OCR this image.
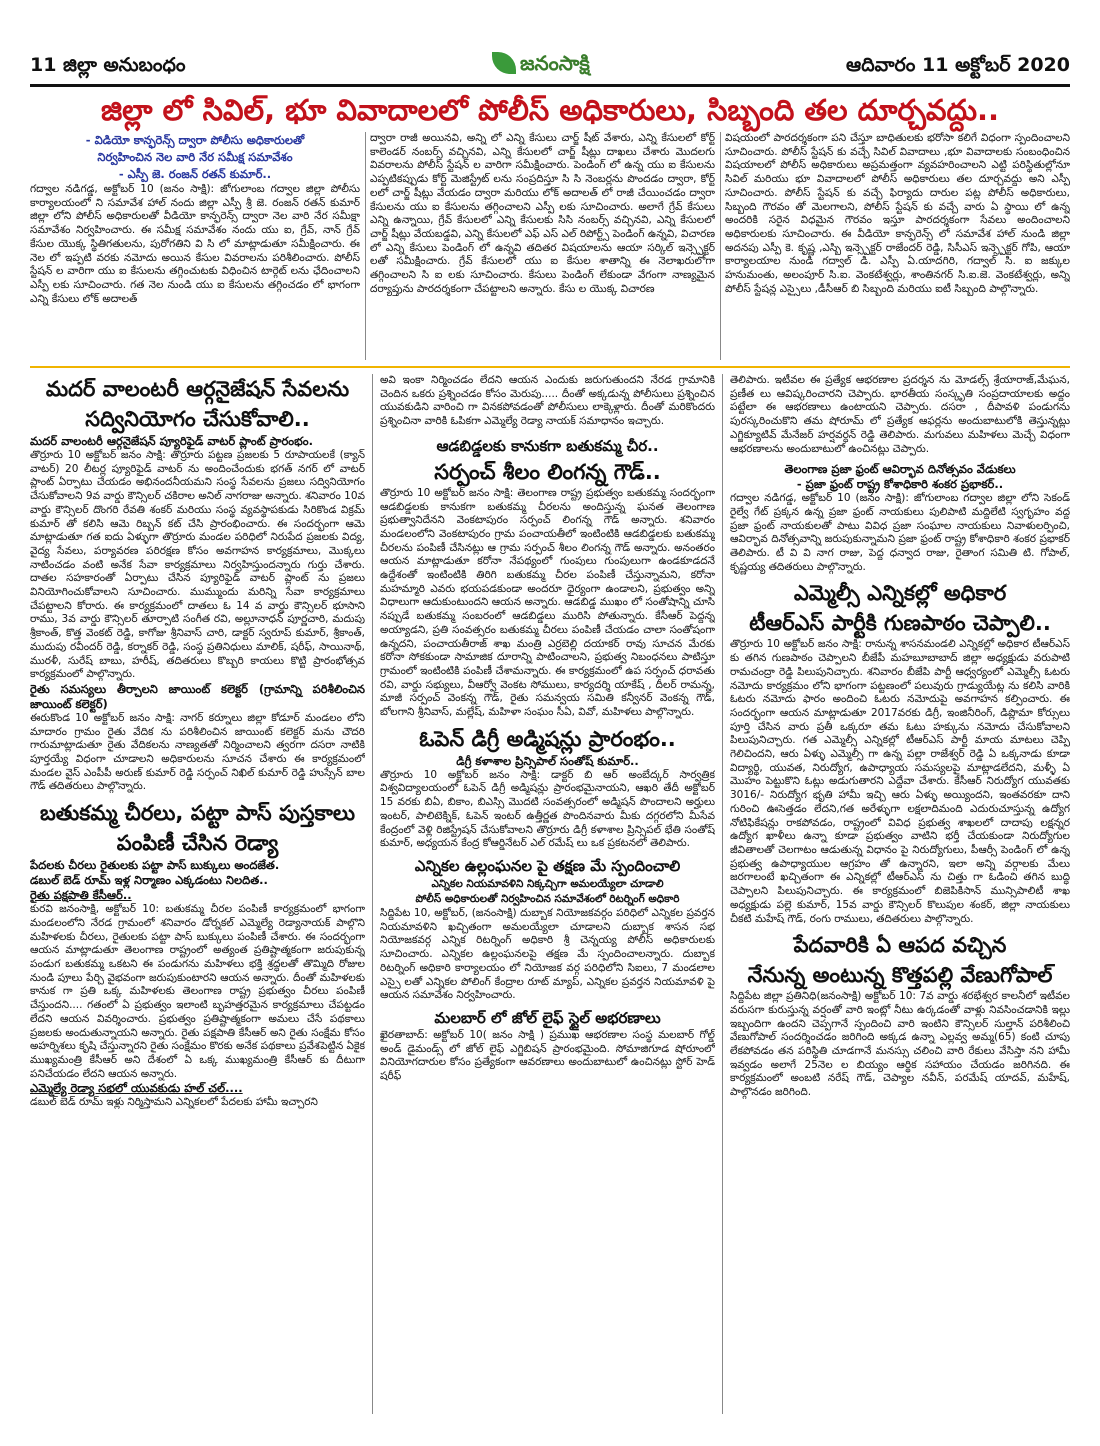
11 జిల్లా అనుబంధం	జనంసాక్షి	ఆదివారం 11 అక్టోబర్ 2020
జిల్లా లో సివిల్, భూ వివాదాలలో పోలీస్ అధికారులు, సిబ్బంది తల దూర్చవద్దు..
- విడియో కాన్ఫరెన్స్ ద్వారా పోలీసు అధికారులతో
నిర్వహించిన నెల వారి నేర సమీక్ష సమావేశం
- ఎస్పీ జె. రంజన్ రతన్ కుమార్..
గద్వాల నడిగడ్డ, అక్టోబర్ 10 (జనం సాక్షి): జోగులాంబ గద్వాల జిల్లా పోలీసు కార్యాలయంలో ని సమావేశ హాల్ నందు జిల్లా ఎస్పీ శ్రీ జె. రంజన్ రతన్ కుమార్ జిల్లా లోని పోలీస్ అధికారులతో వీడియో కాన్ఫరెన్స్ ద్వారా నెల వారి నేర సమీక్షా సమావేశం నిర్వహించారు. ఈ సమీక్ష సమావేశం నందు యు ఐ, గ్రేవ్, నాన్ గ్రేవ్ కేసుల యొక్క స్థితిగతులను, పురోగతిని వి సి లో మాట్లాడుతూ సమీక్షించారు. ఈ నెల లో ఇప్పటి వరకు నమోదు అయిన కేసుల వివరాలను పరిశీలించారు. పోలీస్ స్టేషన్ ల వారిగా యు ఐ కేసులను తగ్గించుటకు విధించిన టార్గెట్ లను ఛేదించాలని ఎస్పీ లకు సూచించారు. గత నెల నుండి యు ఐ కేసులను తగ్గించడం లో భాగంగా ఎన్ని కేసులు లోక్ అదాలత్
ద్వారా రాజీ అయినవి, అన్ని లో ఎన్ని కేసులు చార్జ్ షీట్ వేశారు, ఎన్ని కేసులలో కోర్ట్ కాలెండర్ నంబర్స్ వచ్చినవి, ఎన్ని కేసులలో చార్జ్ షీట్లు దాఖలు చేశారు మొదలగు వివరాలను పోలీస్ స్టేషన్ ల వారిగా సమీక్షించారు. పెండింగ్ లో ఉన్న యు ఐ కేసులను ఎప్పటికప్పుడు కోర్ట్ మెజిస్ట్రేట్ లను సంప్రదిస్తూ సి సి నెంబర్లను పొందడం ద్వారా, కోర్ట్ లలో చార్జ్ షీట్లు వేయడం ద్వారా మరియు లోక్ అదాలత్ లో రాజీ చేయించడం ద్వారా కేసులను యు ఐ కేసులను తగ్గించాలని ఎస్పీ లకు సూచించారు. అలాగే గ్రేవ్ కేసులు ఎన్ని ఉన్నాయి, గ్రేవ్ కేసులలో ఎన్ని కేసులకు సిసి నంబర్స్ వచ్చినవి, ఎన్ని కేసులలో చార్జ్ షీట్లు వేయబడ్డవి, ఎన్ని కేసులలో ఎఫ్ ఎస్ ఎల్ రిపోర్ట్స్ పెండింగ్ ఉన్నవి, విచారణ లో ఎన్ని కేసులు పెండింగ్ లో ఉన్నవి తదితర విషయాలను ఆయా సర్కిల్ ఇన్స్పెక్టర్ లతో సమీక్షించారు. గ్రేవ్ కేసులలో యు ఐ కేసుల శాతాన్ని ఈ నెలాఖరులోగా తగ్గించాలని సి ఐ లకు సూచించారు. కేసులు పెండింగ్ లేకుండా వేగంగా నాణ్యమైన దర్యాప్తును పారదర్శకంగా చేపట్టాలని అన్నారు. కేసు ల యొక్క విచారణ
విషయంలో పారదర్శకంగా పని చేస్తూ బాధితులకు భరోసా కలిగే విధంగా స్పందించాలని సూచించారు. పోలీస్ స్టేషన్ కు వచ్చే సివిల్ వివాదాలు ,భూ వివాదాలకు సంబంధించిన విషయాలలో పోలీస్ అధికారులు అప్రమత్తంగా వ్యవహరించాలని ఎట్టి పరిస్థితుల్లోనూ సివిల్ మరియు భూ వివాదాలలో పోలీస్ అధికారులు తల దూర్చవద్దు అని ఎస్పీ సూచించారు. పోలీస్ స్టేషన్ కు వచ్చే ఫిర్యాదు దారుల పట్ల పోలీస్ అధికారులు, సిబ్బంది గౌరవం తో మెలగాలని, పోలీస్ స్టేషన్ కు వచ్చే వారు ఏ స్థాయి లో ఉన్న అందరికి సరైన విధమైన గౌరవం ఇస్తూ పారదర్శకంగా సేవలు అందించాలని అధికారులకు సూచించారు. ఈ వీడియో కాన్ఫరెన్స్ లో సమావేశ హాల్ నుండి జిల్లా అదనపు ఎస్పీ కె. కృష్ణ ,ఎస్బి ఇన్స్పెక్టర్ రాజేందర్ రెడ్డి, సిసీఎస్ ఇన్స్పెక్టర్ గోపి, ఆయా కార్యాలయాల నుండి గద్వాల్ డి. ఎస్పీ ఏ.యాదగిరి, గద్వాల్ సి. ఐ జక్కుల హనుమంతు, అలంపూర్ సి.ఐ. వెంకటేశ్వర్లు, శాంతినగర్ సి.ఐ.జె. వెంకటేశ్వర్లు, అన్ని పోలీస్ స్టేషన్ల ఎస్సైలు ,డీసీఆర్ బి సిబ్బంది మరియు ఐటీ సిబ్బంది పాల్గొన్నారు.
మదర్ వాలంటరీ ఆర్గనైజేషన్ సేవలను
సద్వినియోగం చేసుకోవాలి..
మదర్ వాలంటరీ ఆర్గనైజేషన్ ప్యూరిఫైడ్ వాటర్ ప్లాంట్ ప్రారంభం.
తొర్రూరు 10 అక్టోబర్ జనం సాక్షి: తొర్రూరు పట్టణ ప్రజలకు 5 రూపాయలకే (క్యాన్ వాటర్) 20 లీటర్ల ప్యూరిఫైడ్ వాటర్ ను అందించేందుకు భగత్ నగర్ లో వాటర్ ప్లాంట్ ఏర్పాటు చేయడం అభినందనీయమని సంస్థ సేవలను ప్రజలు సద్వినియోగం చేసుకోవాలని 9వ వార్డు కౌన్సిలర్ చకిరాల అనిల్ నాగరాజు అన్నారు. శనివారం 10వ వార్డు కౌన్సిలర్ దొంగరి రేవతి శంకర్ మరియు సంస్థ వ్యవస్థాపకుడు సిరికొండ విక్రమ్ కుమార్ తో కలిసి ఆమె రిబ్బన్ కట్ చేసి ప్రారంభించారు. ఈ సందర్భంగా ఆమె మాట్లాడుతూ గత ఐదు ఏళ్ళుగా తొర్రూరు మండల పరిధిలో నిరుపేద ప్రజలకు విద్య, వైద్య సేవలు, పర్యావరణ పరిరక్షణ కోసం అవగాహన కార్యక్రమాలు, మొక్కలు నాటించడం వంటి అనేక సేవా కార్యక్రమాలు నిర్వహిస్తుందన్నారు గుర్తు చేశారు. దాతల సహకారంతో ఏర్పాటు చేసిన ప్యూరిఫైడ్ వాటర్ ప్లాంట్ ను ప్రజలు వినియోగించుకోవాలని సూచించారు. ముమ్ముందు మరిన్ని సేవా కార్యక్రమాలు చేపట్టాలని కోరారు. ఈ కార్యక్రమంలో దాతలు ఓ 14 వ వార్డు కౌన్సిలర్ భూసాని రాము, 3వ వార్డు కౌన్సిలర్ తూర్పాటి సంగీత రవి, అల్లూనాధన్ పూర్ణచారి, మదుపు శ్రీకాంత్, కొత్త వెంకట్ రెడ్డి, కాగోజు శ్రీనివాస్ చారి, డాక్టర్ స్వరూప్ కుమార్, శ్రీకాంత్, ముదుపు రవీందర్ రెడ్డి, కర్నాకర్ రెడ్డి, సంస్థ ప్రతినిధులు మాలిక్, షరీఫ్, సాయినాథ్, మురళీ, సురేష్ బాబు, హరీష్, తదితరులు కొబ్బరి కాయలు కొట్టి ప్రారంభోత్సవ కార్యక్రమంలో పాల్గొన్నారు.
రైతు సమస్యలు తీర్చాలని జాయింట్ కలెక్టర్ (గ్రామాన్ని పరిశీలించిన జాయింట్ కలెక్టర్)
ఈరుకొండ 10 అక్టోబర్ జనం సాక్షి: నాగర్ కర్నూలు జిల్లా కోడూర్ మండలం లోని మాదారం గ్రామం రైతు వేదిక ను పరిశీలించిన జాయింట్ కలెక్టర్ మను చౌదరి గారుమాట్లాడుతూ రైతు వేదికలను నాణ్యతతో నిర్మించాలని త్వరగా దసరా నాటికి పూర్తయ్యే విధంగా చూడాలని అధికారులను సూచన చేశారు ఈ కార్యక్రమంలో మండల వైస్ ఎంపీపీ అరుణ్ కుమార్ రెడ్డి సర్పంచ్ నిఖిల్ కుమార్ రెడ్డి హుస్సేన్ బాల గౌడ్ తదితరులు పాల్గొన్నారు.
బతుకమ్మ చీరలు, పట్టా పాస్ పుస్తకాలు
పంపిణీ చేసిన రెడ్యా
పేదలకు చీరలు రైతులకు పట్టా పాస్ బుక్కులు అందజేత.
డబుల్ బెడ్ రూమ్ ఇళ్ల నిర్మాణం ఎక్కడంటు నిలదిత..
రైతు పక్షపాతి కేసీఆర్..
కురవి జనంసాక్షి, అక్టోబర్ 10: బతుకమ్మ చీరల పంపిణీ కార్యక్రమంలో భాగంగా మండలంలోని నేరడ గ్రామంలో శనివారం డోర్నకల్ ఎమ్మెల్యే రెడ్యానాయక్ పాల్గొని మహిళలకు చీరలు, రైతులకు పట్టా పాస్ బుక్కులు పంపిణీ చేశారు. ఈ సందర్భంగా ఆయన మాట్లాడుతూ తెలంగాణ రాష్ట్రంలో అత్యంత ప్రతిష్టాత్మకంగా జరుపుకున్న పండుగ బతుకమ్మ ఒకటని ఈ పండుగను మహిళలు భక్తి శ్రద్ధలతో తొమ్మిది రోజుల నుండి పూలు పేర్చి వైభవంగా జరుపుకుంటారని ఆయన అన్నారు. దీంతో మహిళలకు కానుక గా ప్రతి ఒక్క మహిళలకు తెలంగాణ రాష్ట్ర ప్రభుత్వం చీరలు పంపిణీ చేస్తుందని.... గతంలో ఏ ప్రభుత్వం ఇలాంటి బృహత్తరమైన కార్యక్రమాలు చేపట్టడం లేదని ఆయన వివర్శించారు. ప్రభుత్వం ప్రతిష్టాత్మకంగా అమలు చేసే పథకాలు ప్రజలకు అందుతున్నాయని అన్నారు. రైతు పక్షపాతి కేసీఆర్ అని రైతు సంక్షేమ కోసం అహర్నిశలు కృషి చేస్తున్నారని రైతు సంక్షేమం కొరకు అనేక పథకాలు ప్రవేశపెట్టిన ఏకైక ముఖ్యమంత్రి కేసీఆర్ అని దేశంలో ఏ ఒక్క ముఖ్యమంత్రి కేసీఆర్ కు దీటుగా పనిచేయడం లేదని ఆయన అన్నారు.
ఎమ్మెల్యే రెడ్యా సభలో యువకుడు హల్ చల్....
డబుల్ బెడ్ రూమ్ ఇళ్లు నిర్మిస్తామని ఎన్నికలలో పేదలకు హామీ ఇచ్చారని
అవి ఇంకా నిర్మించడం లేదని ఆయన ఎందుకు జరుగుతుందని నేరడ గ్రామానికి చెందిన ఒకరు ప్రశ్నించడం కోసం మెరుపు..... దీంతో అక్కడున్న పోలీసులు ప్రశ్నించిన యువకుడిని వారించి గా వినకపోవడంతో పోలీసులు లాక్కెళ్లారు. దీంతో మరికొందరు ప్రశ్నించినా వారికి ఓపికగా ఎమ్మెల్యే రెడ్యా నాయక్ సమాధానం ఇచ్చారు.
ఆడబిడ్డలకు కానుకగా బతుకమ్మ చీర..
సర్పంచ్ శీలం లింగన్న గౌడ్..
తొర్రూరు 10 అక్టోబర్ జనం సాక్షి: తెలంగాణ రాష్ట్ర ప్రభుత్వం బతుకమ్మ సందర్భంగా ఆడబిడ్డలకు కానుకగా బతుకమ్మ చీరలను అందిస్తున్న ఘనత తెలంగాణ ప్రభుత్వానిదేనని వెంకటాపురం సర్పంచ్ లింగన్న గౌడ్ అన్నారు. శనివారం మండలంలోని వెంకటాపురం గ్రామ పంచాయతీలో ఇంటింటికి ఆడబిడ్డలకు బతుకమ్మ చీరలను పంపిణీ చేసినట్లు ఆ గ్రామ సర్పంచ్ శీలం లింగన్న గౌడ్ అన్నారు. అనంతరం ఆయన మాట్లాడుతూ కరోనా నేపథ్యంలో గుంపులు గుంపులుగా ఉండకూడదనే ఉద్దేశంతో ఇంటింటికి తిరిగి బతుకమ్మ చీరల పంపిణీ చేస్తున్నామని, కరోనా మహమ్మారి ఎవరు భయపడకుండా అందరూ ధైర్యంగా ఉండాలని, ప్రభుత్వం అన్ని విధాలుగా ఆదుకుంటుందని ఆయన అన్నారు. ఆడబిడ్డ ముఖం లో సంతోషాన్ని చూసి నప్పుడే బతుకమ్మ సంబరంలో ఆడబిడ్డలు మురిసి పోతున్నారు. కేసీఆర్ పెద్దన్న అయ్యాడని, ప్రతి సంవత్సరం బతుకమ్మ చీరలు పంపిణీ చేయడం చాలా సంతోషంగా ఉన్నదని, పంచాయతీరాజ్ శాఖ మంత్రి ఎర్రబెల్లి దయాకర్ రావు సూచన మేరకు కరోనా సోకకుండా సామాజిక దూరాన్ని పాటించాలని, ప్రభుత్వ నిబంధనలు పాటిస్తూ గ్రామంలో ఇంటింటికి పంపిణీ చేశామన్నారు. ఈ కార్యక్రమంలో ఉప సర్పంచ్ ధరావతు రవి, వార్డు సభ్యులు, వీఆర్వో వెంకట సోములు, కార్యదర్శి యాకేష్ , దీలర్ రామన్న, మాజీ సర్పంచ్ వెంకన్న గౌడ్, రైతు సమన్వయ సమితి కన్వీనర్ వెంకన్న గౌడ్, బోలగాని శ్రీనివాస్, మల్లేష్, మహిళా సంఘం సీఏ, వివో, మహిళలు పాల్గొన్నారు.
ఓపెన్ డిగ్రీ అడ్మిషన్లు ప్రారంభం..
డిగ్రీ కళాశాల ప్రిన్సిపాల్ సంతోష్ కుమార్..
తొర్రూరు 10 అక్టోబర్ జనం సాక్షి: డాక్టర్ బి ఆర్ అంబేద్కర్ సార్వత్రిక విశ్వవిద్యాలయంలో ఓపెన్ డిగ్రీ అడ్మిషన్లు ప్రారంభమైనాయని, ఆఖరి తేదీ అక్టోబర్ 15 వరకు బిఏ, బికాం, బిఎస్సి మొదటి సంవత్సరంలో అడ్మిషన్ పొందాలని అర్హులు ఇంటర్, పాలిటెక్నిక్, ఓపెన్ ఇంటర్ ఉత్తీర్ణత పొందినవారు మీకు దగ్గరలోని మీసేవ కేంద్రంలో వెళ్లి రిజిస్ట్రేషన్ చేసుకోవాలని తొర్రూరు డిగ్రీ కళాశాల ప్రిన్సిపల్ భేతి సంతోష్ కుమార్, అధ్యయన కేంద్ర కోఆర్డినేటర్ ఎల్ రమేష్ లు ఒక ప్రకటనలో తెలిపారు.
ఎన్నికల ఉల్లంఘనల పై తక్షణ మే స్పందించాలి
ఎన్నికల నియమావళిని నిక్కచ్చిగా అమలయ్యేలా చూడాలి
పోలీస్ అధికారులతో నిర్వహించిన సమావేశంలో రిటర్నింగ్ అధికారి
సిద్దిపేట 10, అక్టోబర్, (జనంసాక్షి) దుబ్బాక నియోజకవర్గం పరిధిలో ఎన్నికల ప్రవర్తన నియమావళిని ఖచ్చితంగా అమలయ్యేలా చూడాలని దుబ్బాక శాసన సభ నియోజకవర్గ ఎన్నిక రిటర్నింగ్ అధికారి శ్రీ చెన్నయ్య పోలీస్ అధికారులకు సూచించారు. ఎన్నికల ఉల్లంఘనలపై తక్షణ మే స్పందించాలన్నారు. దుబ్బాక రిటర్నింగ్ అధికారి కార్యాలయం లో నియోజక వర్గ పరిధిలోని సిఐలు, 7 మండలాల ఎస్సై లతో ఎన్నికల పోలింగ్ కేంద్రాల రూట్ మ్యాప్, ఎన్నికల ప్రవర్తన నియమావళి పై ఆయన సమావేశం నిర్వహించారు.
మలబార్ లో జోల్ లైఫ్ స్టైల్ అభరణాలు
ఖైరతాబాద్: అక్టోబర్ 10( జనం సాక్షి ) ప్రముఖ ఆభరణాల సంస్థ మలబార్ గోల్డ్ అండ్ డైమండ్స్ లో జోల్ లైఫ్ ఎగ్జిబిషన్ ప్రారంభమైంది. సోమాజిగూడ షోరూంలో వినియోగదారుల కోసం ప్రత్యేకంగా ఆవరణాలు అందుబాటులో ఉంచినట్లు స్టోర్ హెడ్ షరీఫ్
తెలిపారు. ఇటీవల ఈ ప్రత్యేక ఆభరణాల ప్రదర్శన ను మోడల్స్ శ్రేయారాజ్,మేఘన, ప్రణీత లు ఆవిష్కరించారని చెప్పారు. భారతీయ సంస్కృతి సంప్రదాయాలకు అద్దం పట్టేలా ఈ ఆభరణాలు ఉంటాయని చెప్పారు. దసరా , దీపావళి పండుగను పురస్కరించుకొని తమ షోరూమ్ లో ప్రత్యేక ఆఫర్లను అందుబాటులోకి తెస్తున్నట్లు ఎగ్జిక్యూటివ్ మేనేజర్ హర్షవర్ధన్ రెడ్డి తెలిపారు. మగువలు మహిళలు మెచ్చే విధంగా ఆభరణాలను అందుబాటులో ఉంచినట్లు చెప్పారు.
తెలంగాణ ప్రజా ఫ్రంట్ ఆవిర్భావ దినోత్సవం వేడుకలు
- ప్రజా ఫ్రంట్ రాష్ట్ర కోశాధికారి శంకర ప్రభాకర్..
గద్వాల నడిగడ్డ, అక్టోబర్ 10 (జనం సాక్షి): జోగులాంబ గద్వాల జిల్లా లోని సెకండ్ రైల్వే గేట్ ప్రక్కన ఉన్న ప్రజా ఫ్రంట్ నాయకులు పులిపాటి మద్దిలేటి స్వగృహం వద్ద ప్రజా ఫ్రంట్ నాయకులతో పాటు వివిధ ప్రజా సంఘాల నాయకులు నివాళులర్పించి, ఆవిర్భావ దినోత్సవాన్ని జరుపుకున్నామని ప్రజా ఫ్రంట్ రాష్ట్ర కోశాధికారి శంకర ప్రభాకర్ తెలిపారు. టీ వి వి నాగ రాజు, పెద్ద ధన్వాద రాజు, రైతాంగ సమితి టి. గోపాల్, కృష్ణయ్య తదితరులు పాల్గొన్నారు.
ఎమ్మెల్సీ ఎన్నికల్లో అధికార
టీఆర్ఎస్ పార్టీకి గుణపాఠం చెప్పాలి..
తొర్రూరు 10 అక్టోబర్ జనం సాక్షి: రానున్న శాసనమండలి ఎన్నికల్లో అధికార టీఆర్ఎస్ కు తగిన గుణపాఠం చెప్పాలని బీజేపీ మహబూబాబాద్ జిల్లా అధ్యక్షుడు వరుపాటి రామచంద్రా రెడ్డి పిలుపునిచ్చారు. శనివారం బీజేపి పార్టీ ఆధ్వర్యంలో ఎమ్మెల్సీ ఓటరు నమోదు కార్యక్రమం లోని భాగంగా పట్టణంలో పలువురు గ్రాడ్యుయేట్ల ను కలిసి వారికి ఓటరు నమోదు ఫారం అందించి ఓటరు నమోదుపై అవగాహన కల్పించారు. ఈ సందర్భంగా ఆయన మాట్లాడుతూ 2017వరకు డిగ్రీ, ఇంజినీరింగ్, డిప్లొమా కోర్సులు పూర్తి చేసిన వారు ప్రతీ ఒక్కరూ తమ ఓటు హక్కును నమోదు చేసుకోవాలని పిలుపునిచ్చారు. గత ఎమ్మెల్సీ ఎన్నికల్లో టీఆర్ఎస్ పార్టీ మాయ మాటలు చెప్పి గెలిచిందని, ఆరు ఏళ్ళు ఎమ్మెల్సీ గా ఉన్న పల్లా రాజేశ్వర్ రెడ్డి ఏ ఒక్కనాడు కూడా విద్యార్థి, యువత, నిరుద్యోగ, ఉపాధ్యాయ సమస్యలపై మాట్లాడలేదని, మళ్ళీ ఏ మొహం పెట్టుకొని ఓట్లు అడుగుతారని ఎద్దేవా చేశారు. కేసీఆర్ నిరుద్యోగ యువతకు 3016/- నిరుద్యోగ భృతి హామీ ఇచ్చి ఆరు ఏళ్ళు అయ్యిందని, ఇంతవరకూ దాని గురించి ఊసెత్తడం లేదని,గత అరేళ్ళుగా లక్షలాదిమంది ఎదురుచూస్తున్న ఉద్యోగ నోటిఫికేషన్లు రాకపోవడం, రాష్ట్రంలో వివిధ ప్రభుత్వ శాఖలలో దాదాపు లక్షన్నర ఉద్యోగ ఖాళీలు ఉన్నా కూడా ప్రభుత్వం వాటిని భర్తీ చేయకుండా నిరుద్యోగుల జీవితాలతో చెలగాటం ఆడుతున్న విధానం పై నిరుద్యోగులు, పీఆర్సీ పెండింగ్ లో ఉన్న ప్రభుత్వ ఉపాధ్యాయుల ఆగ్రహం తో ఉన్నారని, ఇలా అన్ని వర్గాలకు మేలు జరగాలంటే ఖచ్చితంగా ఈ ఎన్నికల్లో టీఆర్ఎస్ ను చిత్తు గా ఓడించి తగిన బుద్ధి చెప్పాలని పిలుపునిచ్చారు. ఈ కార్యక్రమంలో బిజెపికిసాన్ మున్సిపాలిటీ శాఖ అధ్యక్షుడు పల్లె కుమార్, 15వ వార్డు కౌన్సిలర్ కొలుపుల శంకర్, జిల్లా నాయకులు చీకటి మహేష్ గౌడ్, రంగు రాములు, తదితరులు పాల్గొన్నారు.
పేదవారికి ఏ ఆపద వచ్చిన
నేనున్న అంటున్న కొత్తపల్లి వేణుగోపాల్
సిద్దిపేట జిల్లా ప్రతినిధి(జనంసాక్షి) అక్టోబర్ 10: 7వ వార్డు శరభేశ్వర కాలనీలో ఇటీవల వరుసగా కురుస్తున్న వర్షంతో వారి ఇంట్లో నీటు ఉర్కడంతో వాళ్లు నివసించడానికి ఇల్లు ఇబ్బందిగా ఉందని చెప్పగానే స్పందించి వారి ఇంటిని కౌన్సిలర్ సుల్తాన్ పరిశీలించి వేణుగోపాల్ సందర్శించడం జరిగింది అక్కడ ఉన్నా ఎల్లవ్వ అమ్మ(65) కంటి చూపు లేకపోవడం తన పరిస్థితి చూడగానే మనస్సు చలించి వారి రేకులు వేసిస్తా నని హామీ ఇవ్వడం అలాగే 25నెల ల బియ్యం ఆర్థిక సహాయం చేయడం జరిగినది. ఈ కార్యక్రమంలో అంబటి నరేష్ గౌడ్, చెప్యాల నవీన్, పరమేష్ యాదవ్, మహేష్, పాల్గొనడం జరిగింది.
